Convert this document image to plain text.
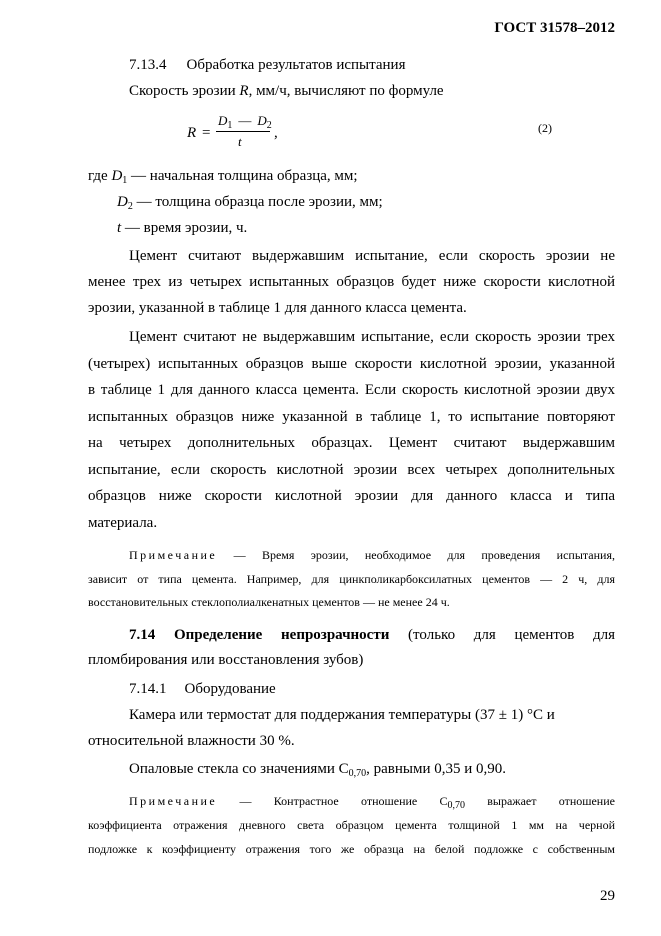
ГОСТ 31578–2012
7.13.4 Обработка результатов испытания
Скорость эрозии R, мм/ч, вычисляют по формуле
R =
$D_1$ — $D_2$
t
,	(2)
где $D_1$ — начальная толщина образца, мм;
$D_2$ — толщина образца после эрозии, мм;
t — время эрозии, ч.
Цемент считают выдержавшим испытание, если скорость эрозии не
менее трех из четырех испытанных образцов будет ниже скорости кислотной
эрозии, указанной в таблице 1 для данного класса цемента.
Цемент считают не выдержавшим испытание, если скорость эрозии трех
(четырех) испытанных образцов выше скорости кислотной эрозии, указанной
в таблице 1 для данного класса цемента. Если скорость кислотной эрозии двух
испытанных образцов ниже указанной в таблице 1, то испытание повторяют
на четырех дополнительных образцах. Цемент считают выдержавшим
испытание, если скорость кислотной эрозии всех четырех дополнительных
образцов ниже скорости кислотной эрозии для данного класса и типа
материала.
Примечание — Время эрозии, необходимое для проведения испытания,
зависит от типа цемента. Например, для цинкполикарбоксилатных цементов — 2 ч, для
восстановительных стеклополиалкенатных цементов — не менее 24 ч.
7.14 Определение непрозрачности (только для цементов для
пломбирования или восстановления зубов)
7.14.1 Оборудование
Камера или термостат для поддержания температуры (37 ± 1) °С и
относительной влажности 30 %.
Опаловые стекла со значениями $С_{0,70}$, равными 0,35 и 0,90.
Примечание — Контрастное отношение $С_{0,70}$ выражает отношение
коэффициента отражения дневного света образцом цемента толщиной 1 мм на черной
подложке к коэффициенту отражения того же образца на белой подложке с собственным
29
